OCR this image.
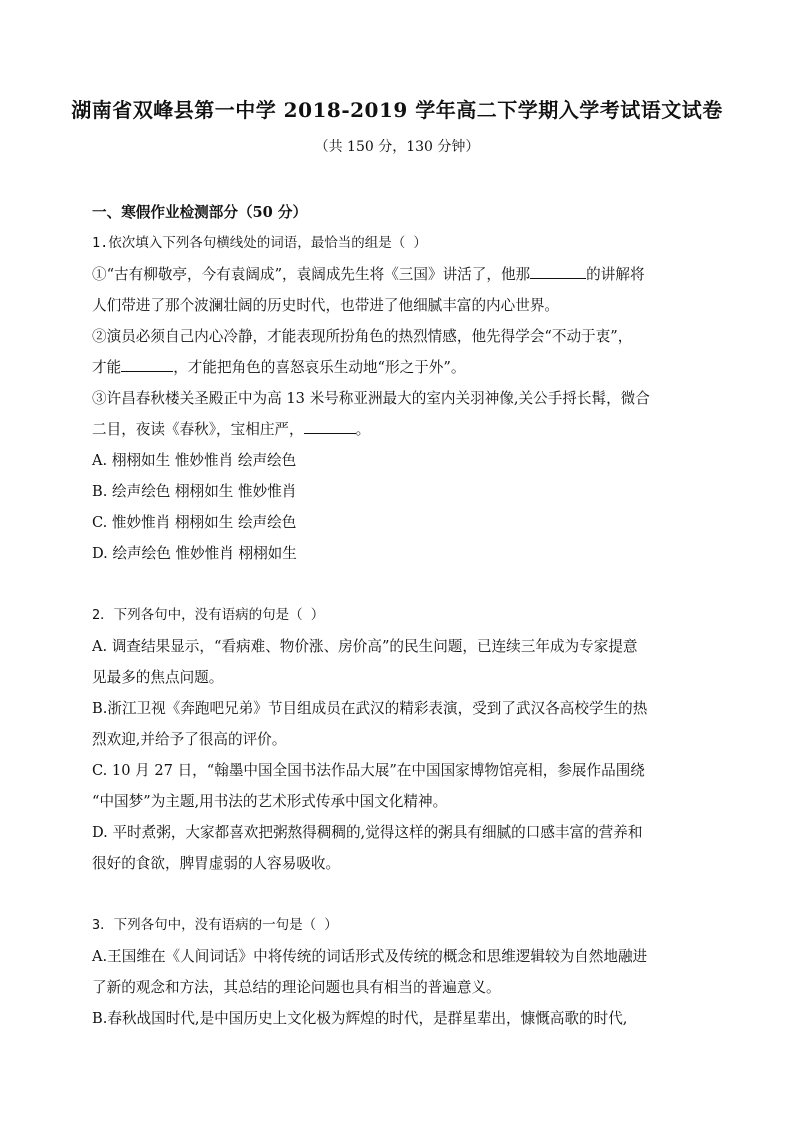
湖南省双峰县第一中学 2018-2019 学年高二下学期入学考试语文试卷
（共 150 分，130 分钟）
一、寒假作业检测部分（50 分）
1.依次填入下列各句横线处的词语，最恰当的组是（ ）
①“古有柳敬亭，今有袁阔成”，袁阔成先生将《三国》讲活了，他那	的讲解将
人们带进了那个波澜壮阔的历史时代，也带进了他细腻丰富的内心世界。
②演员必须自己内心冷静，才能表现所扮角色的热烈情感，他先得学会“不动于衷”，
才能	，才能把角色的喜怒哀乐生动地“形之于外”。
③许昌春秋楼关圣殿正中为高 13 米号称亚洲最大的室内关羽神像,关公手捋长髯，微合
二目，夜读《春秋》，宝相庄严，	。
A. 栩栩如生 惟妙惟肖 绘声绘色
B. 绘声绘色 栩栩如生 惟妙惟肖
C. 惟妙惟肖 栩栩如生 绘声绘色
D. 绘声绘色 惟妙惟肖 栩栩如生
2．下列各句中，没有语病的句是（ ）
A. 调查结果显示，“看病难、物价涨、房价高”的民生问题，已连续三年成为专家提意
见最多的焦点问题。
B.浙江卫视《奔跑吧兄弟》节目组成员在武汉的精彩表演，受到了武汉各高校学生的热
烈欢迎,并给予了很高的评价。
C. 10 月 27 日，“翰墨中国全国书法作品大展”在中国国家博物馆亮相，参展作品围绕
“中国梦”为主题,用书法的艺术形式传承中国文化精神。
D. 平时煮粥，大家都喜欢把粥熬得稠稠的,觉得这样的粥具有细腻的口感丰富的营养和
很好的食欲，脾胃虚弱的人容易吸收。
3．下列各句中，没有语病的一句是（ ）
A.王国维在《人间词话》中将传统的词话形式及传统的概念和思维逻辑较为自然地融进
了新的观念和方法，其总结的理论问题也具有相当的普遍意义。
B.春秋战国时代,是中国历史上文化极为辉煌的时代，是群星辈出，慷慨高歌的时代,
